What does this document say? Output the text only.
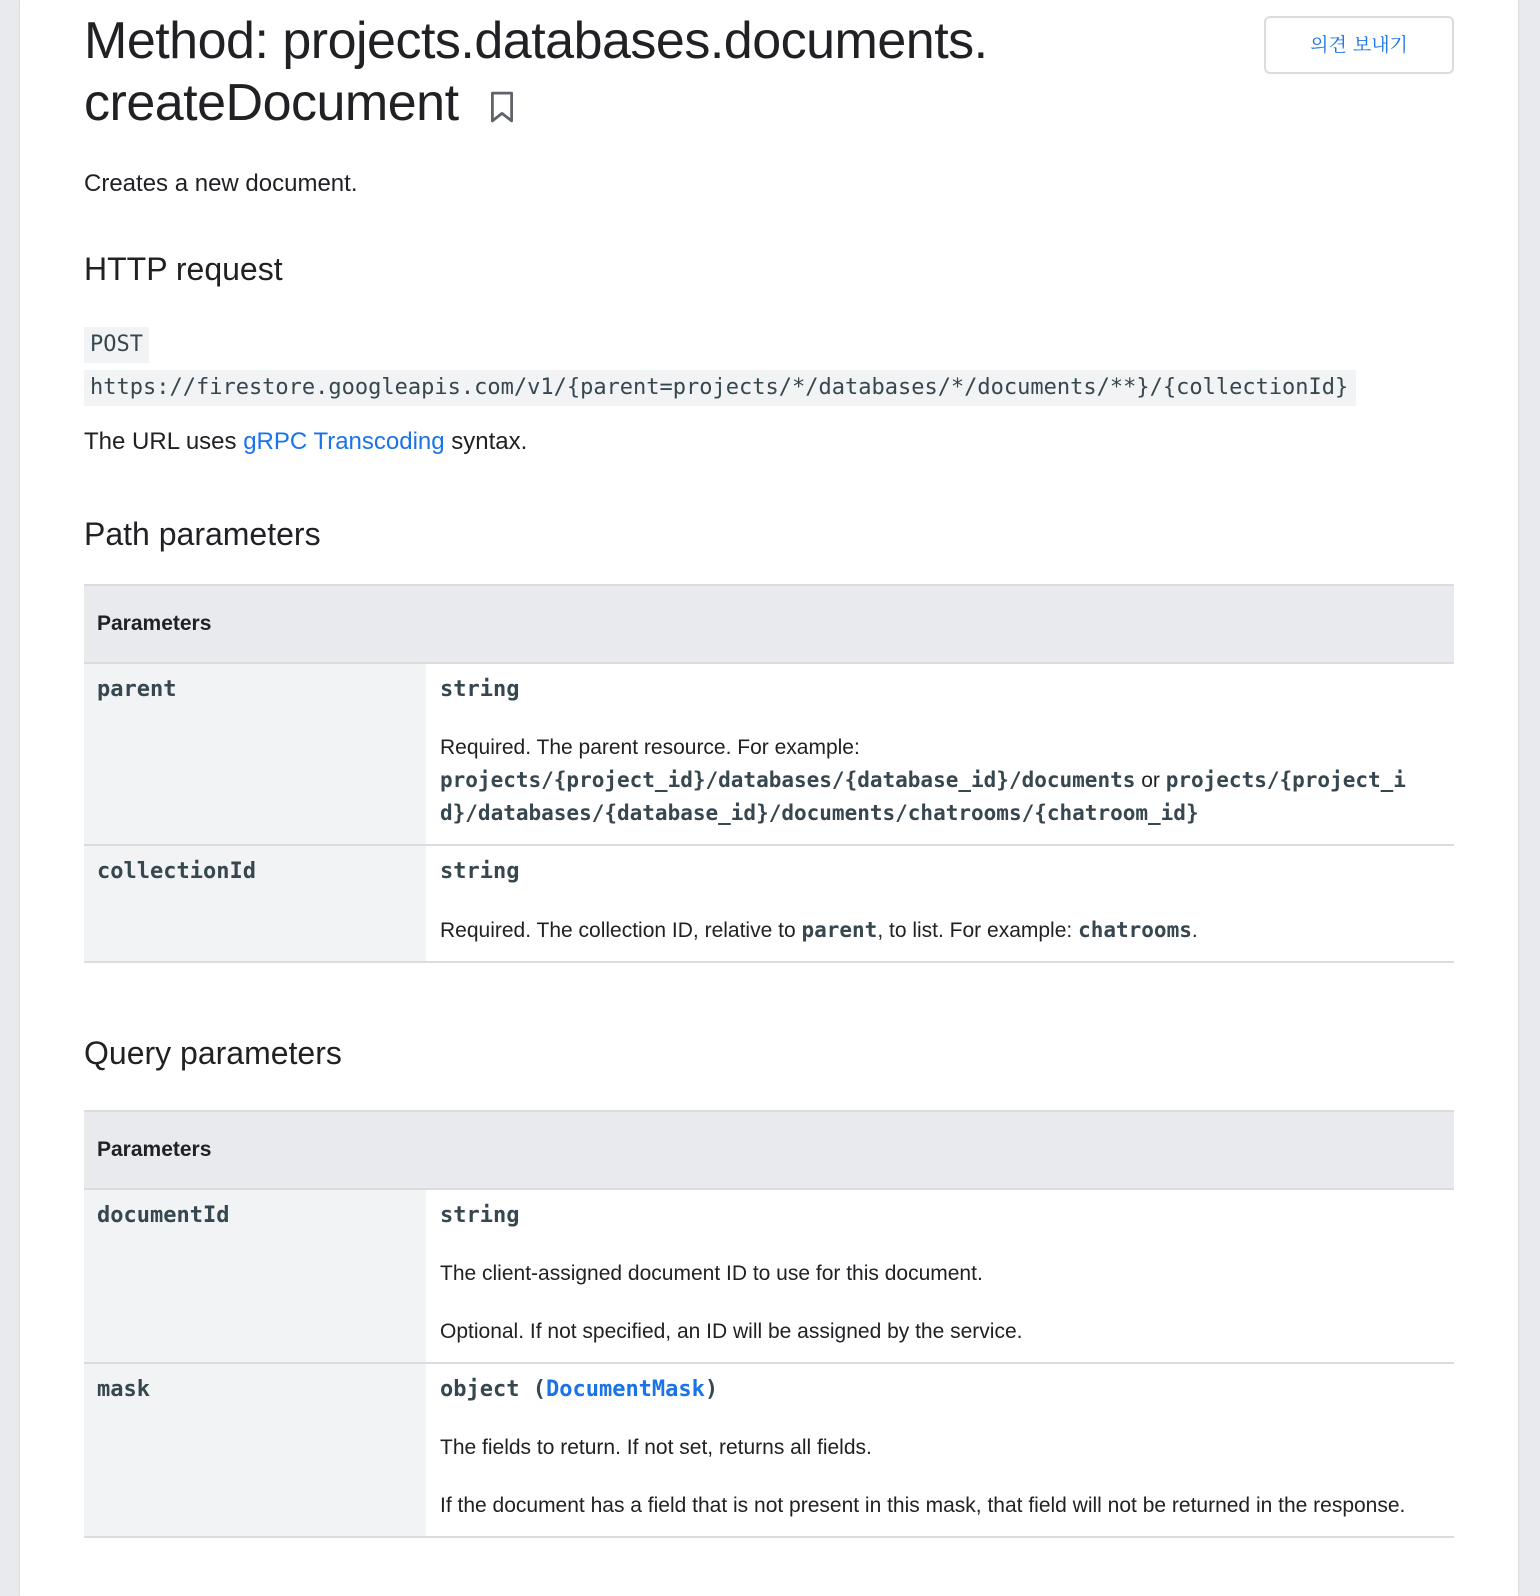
Method: projects.databases.documents.
createDocument
의견 보내기

Creates a new document.

HTTP request
POST
https://firestore.googleapis.com/v1/{parent=projects/*/databases/*/documents/**}/{collectionId}

The URL uses gRPC Transcoding syntax.

Path parameters
Parameters	
parent	string

Required. The parent resource. For example:
projects/{project_id}/databases/{database_id}/documents or projects/{project_id}/databases/{database_id}/documents/chatrooms/{chatroom_id}

collectionId	string

Required. The collection ID, relative to parent, to list. For example: chatrooms.

Query parameters
Parameters	
documentId	string

The client-assigned document ID to use for this document.

Optional. If not specified, an ID will be assigned by the service.

mask	object (DocumentMask)

The fields to return. If not set, returns all fields.

If the document has a field that is not present in this mask, that field will not be returned in the response.
